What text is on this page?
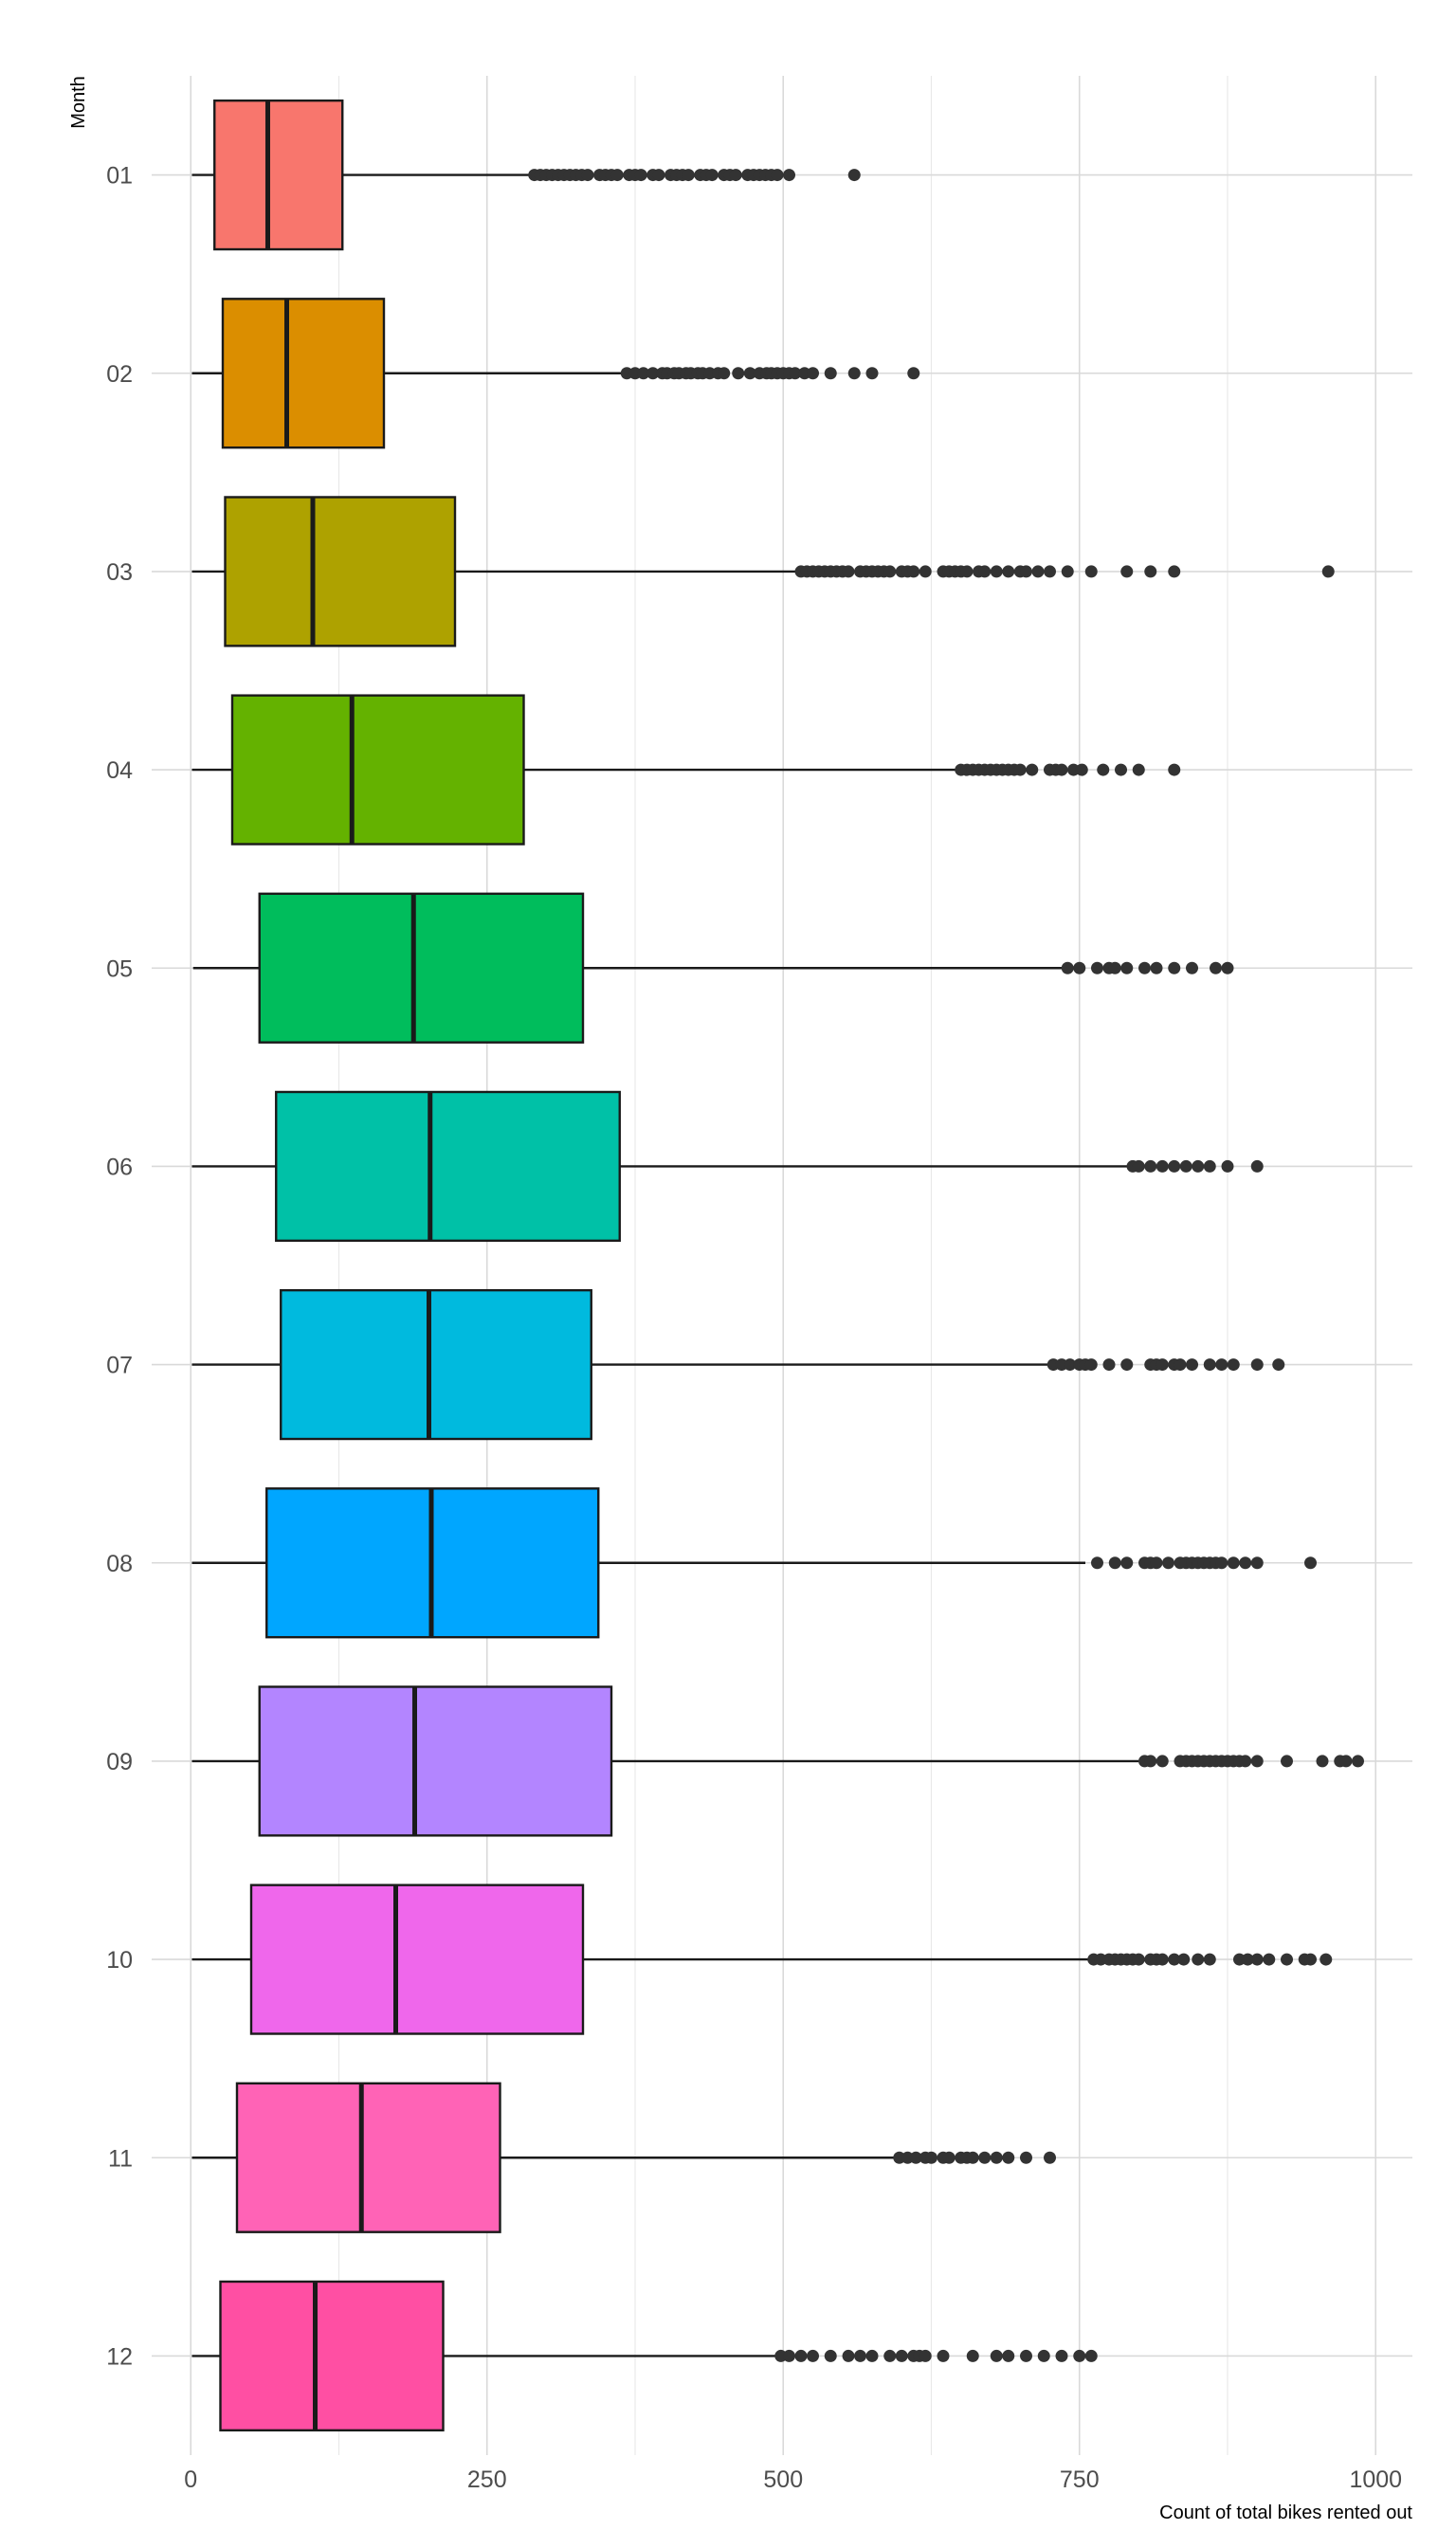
0	250	500	750	1000
01
02
03
04
05
06
07
08
09
10
11
12
Month
Count of total bikes rented out
